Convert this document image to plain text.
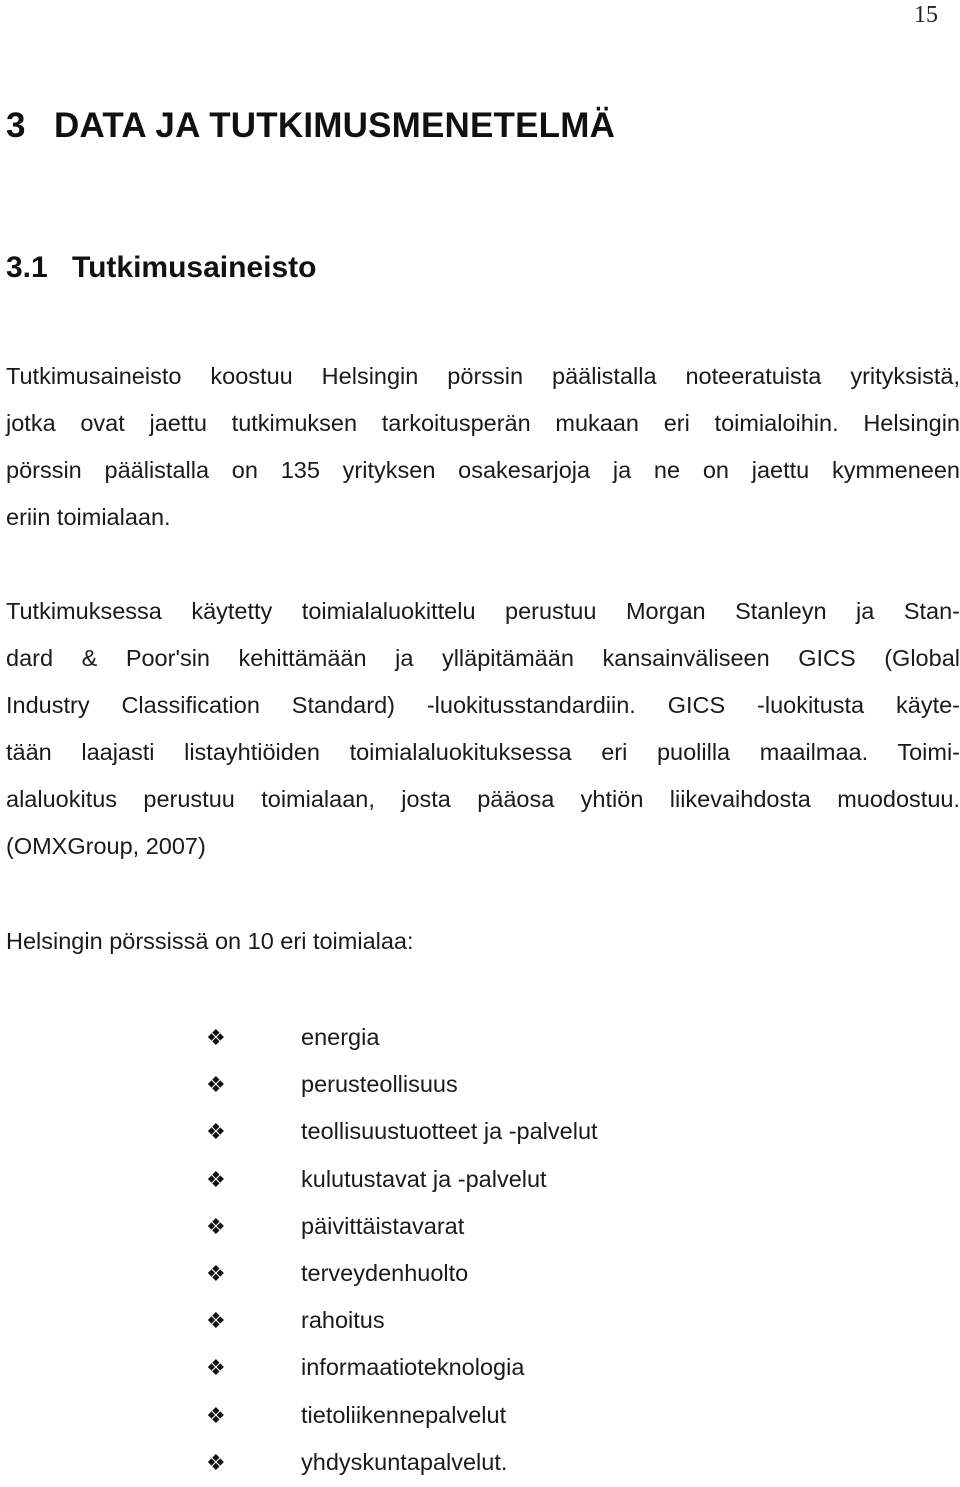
15
3 DATA JA TUTKIMUSMENETELMÄ
3.1 Tutkimusaineisto
Tutkimusaineisto koostuu Helsingin pörssin päälistalla noteeratuista yrityksistä,
jotka ovat jaettu tutkimuksen tarkoitusperän mukaan eri toimialoihin. Helsingin
pörssin päälistalla on 135 yrityksen osakesarjoja ja ne on jaettu kymmeneen
eriin toimialaan.
Tutkimuksessa käytetty toimialaluokittelu perustuu Morgan Stanleyn ja Stan-
dard & Poor'sin kehittämään ja ylläpitämään kansainväliseen GICS (Global
Industry Classification Standard) -luokitusstandardiin. GICS -luokitusta käyte-
tään laajasti listayhtiöiden toimialaluokituksessa eri puolilla maailmaa. Toimi-
alaluokitus perustuu toimialaan, josta pääosa yhtiön liikevaihdosta muodostuu.
(OMXGroup, 2007)
Helsingin pörssissä on 10 eri toimialaa:
❖	energia
❖	perusteollisuus
❖	teollisuustuotteet ja -palvelut
❖	kulutustavat ja -palvelut
❖	päivittäistavarat
❖	terveydenhuolto
❖	rahoitus
❖	informaatioteknologia
❖	tietoliikennepalvelut
❖	yhdyskuntapalvelut.
